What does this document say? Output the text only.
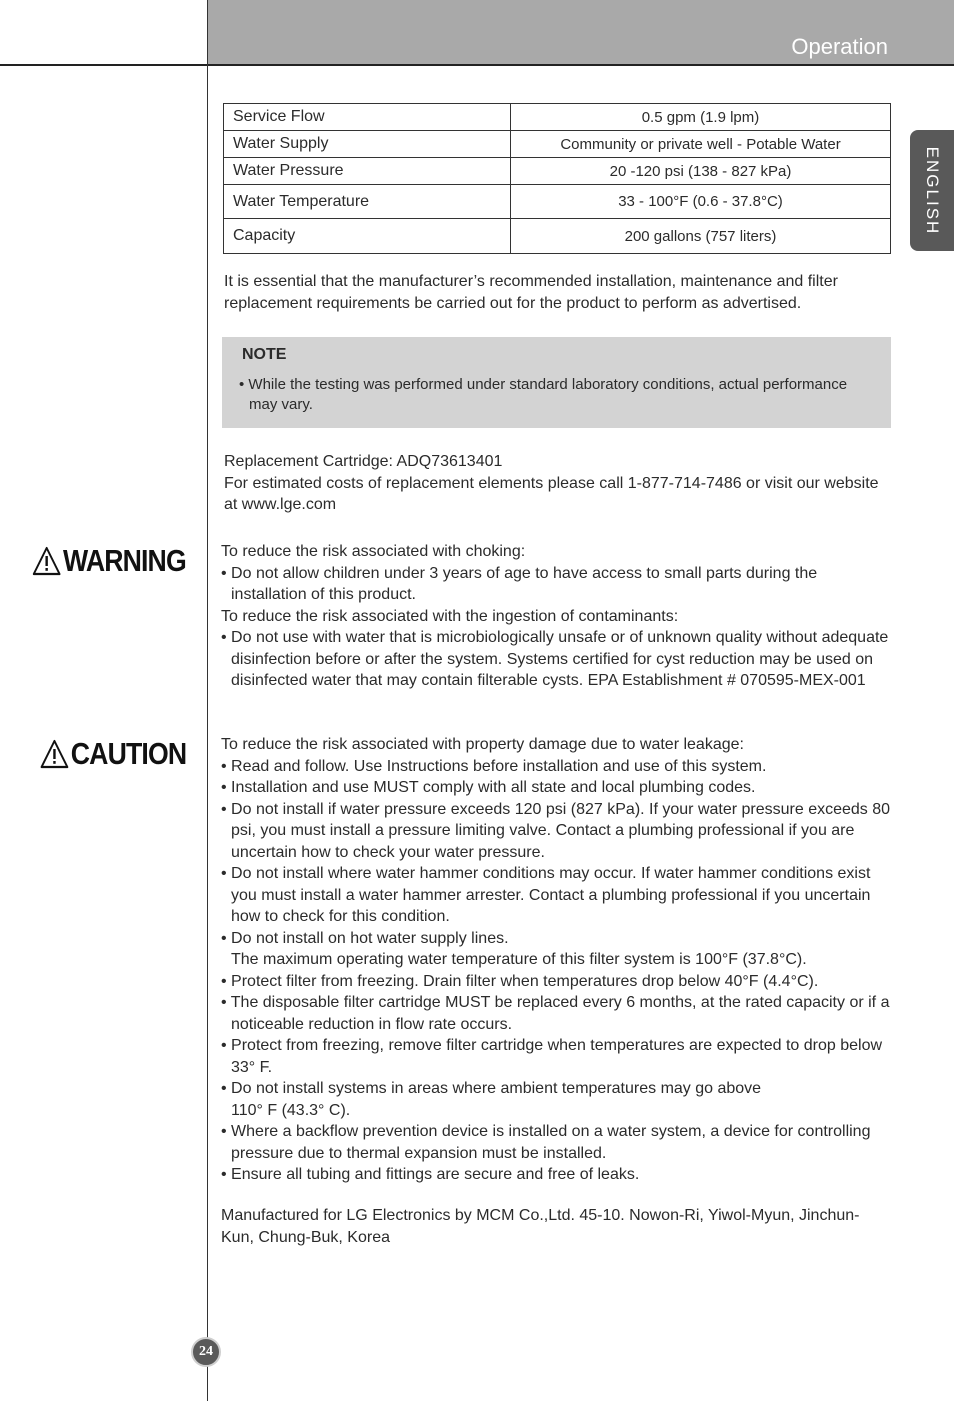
Operation
ENGLISH
Service Flow	0.5 gpm (1.9 lpm)
Water Supply	Community or private well - Potable Water
Water Pressure	20 -120 psi (138 - 827 kPa)
Water Temperature	33 - 100°F (0.6 - 37.8°C)
Capacity	200 gallons (757 liters)
It is essential that the manufacturer’s recommended installation, maintenance and filter replacement requirements be carried out for the product to perform as advertised.
NOTE
• While the testing was performed under standard laboratory conditions, actual performance may vary.
Replacement Cartridge: ADQ73613401
For estimated costs of replacement elements please call 1-877-714-7486 or visit our website at www.lge.com
WARNING To reduce the risk associated with choking:
• Do not allow children under 3 years of age to have access to small parts during the installation of this product.
To reduce the risk associated with the ingestion of contaminants:
• Do not use with water that is microbiologically unsafe or of unknown quality without adequate disinfection before or after the system. Systems certified for cyst reduction may be used on disinfected water that may contain filterable cysts. EPA Establishment # 070595-MEX-001
CAUTION To reduce the risk associated with property damage due to water leakage:
• Read and follow. Use Instructions before installation and use of this system.
• Installation and use MUST comply with all state and local plumbing codes.
• Do not install if water pressure exceeds 120 psi (827 kPa). If your water pressure exceeds 80 psi, you must install a pressure limiting valve. Contact a plumbing professional if you are uncertain how to check your water pressure.
• Do not install where water hammer conditions may occur. If water hammer conditions exist you must install a water hammer arrester. Contact a plumbing professional if you uncertain how to check for this condition.
• Do not install on hot water supply lines.
The maximum operating water temperature of this filter system is 100°F (37.8°C).
• Protect filter from freezing. Drain filter when temperatures drop below 40°F (4.4°C).
• The disposable filter cartridge MUST be replaced every 6 months, at the rated capacity or if a noticeable reduction in flow rate occurs.
• Protect from freezing, remove filter cartridge when temperatures are expected to drop below 33° F.
• Do not install systems in areas where ambient temperatures may go above
110° F (43.3° C).
• Where a backflow prevention device is installed on a water system, a device for controlling pressure due to thermal expansion must be installed.
• Ensure all tubing and fittings are secure and free of leaks.
Manufactured for LG Electronics by MCM Co.,Ltd. 45-10. Nowon-Ri, Yiwol-Myun, Jinchun-Kun, Chung-Buk, Korea
24
